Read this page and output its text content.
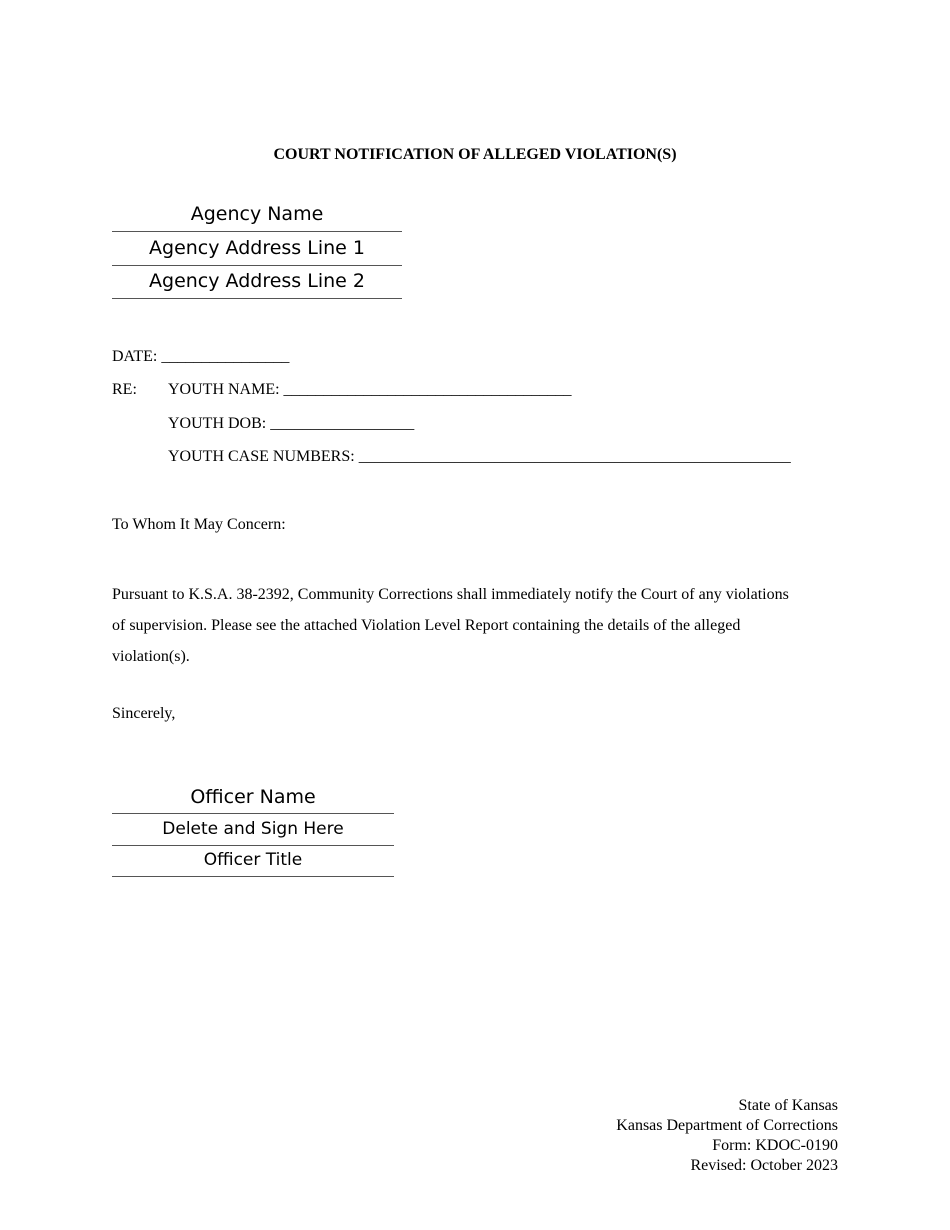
COURT NOTIFICATION OF ALLEGED VIOLATION(S)
Agency Name
Agency Address Line 1
Agency Address Line 2
DATE: ________________
RE: YOUTH NAME: ____________________________________
YOUTH DOB: __________________
YOUTH CASE NUMBERS: ______________________________________________________
To Whom It May Concern:
Pursuant to K.S.A. 38-2392, Community Corrections shall immediately notify the Court of any violations
of supervision. Please see the attached Violation Level Report containing the details of the alleged
violation(s).
Sincerely,
Officer Name
Delete and Sign Here
Officer Title
State of Kansas
Kansas Department of Corrections
Form: KDOC-0190
Revised: October 2023
